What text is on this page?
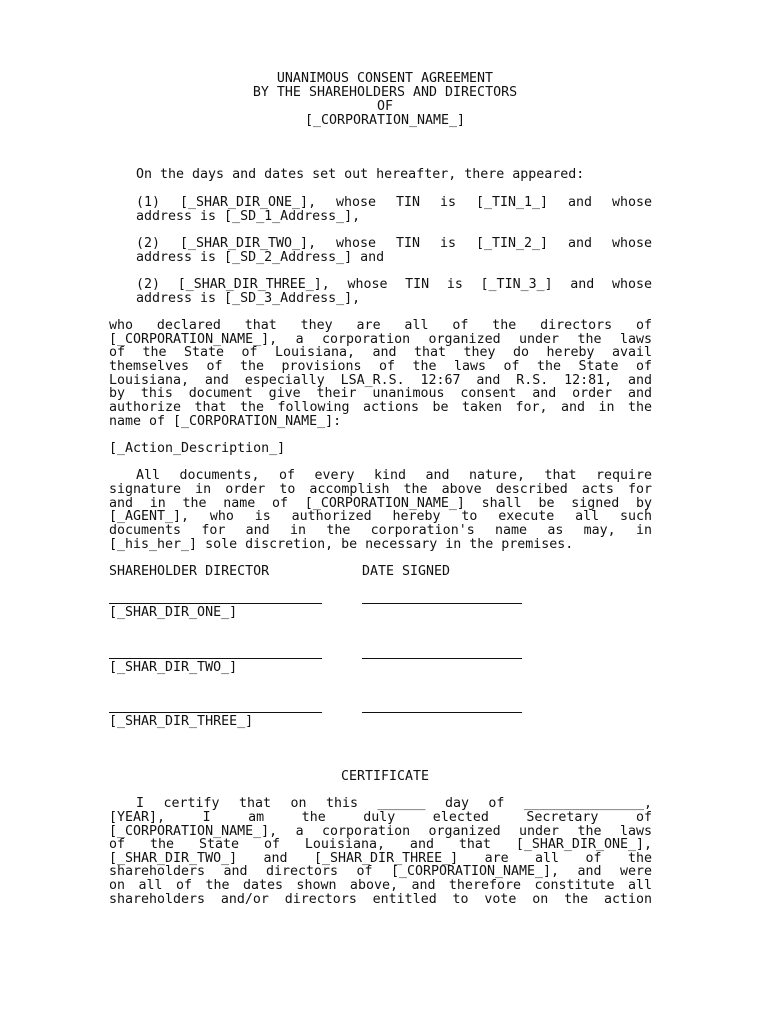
UNANIMOUS CONSENT AGREEMENT

BY THE SHAREHOLDERS AND DIRECTORS

OF

[_CORPORATION_NAME_]

On the days and dates set out hereafter, there appeared:

(1) [_SHAR_DIR_ONE_], whose TIN is [_TIN_1_] and whose

address is [_SD_1_Address_],

(2) [_SHAR_DIR_TWO_], whose TIN is [_TIN_2_] and whose

address is [_SD_2_Address_] and

(2) [_SHAR_DIR_THREE_], whose TIN is [_TIN_3_] and whose

address is [_SD_3_Address_],

who declared that they are all of the directors of

[_CORPORATION_NAME_], a corporation organized under the laws

of the State of Louisiana, and that they do hereby avail

themselves of the provisions of the laws of the State of

Louisiana, and especially LSA_R.S. 12:67 and R.S. 12:81, and

by this document give their unanimous consent and order and

authorize that the following actions be taken for, and in the

name of [_CORPORATION_NAME_]:

[_Action_Description_]

All documents, of every kind and nature, that require

signature in order to accomplish the above described acts for

and in the name of [_CORPORATION_NAME_] shall be signed by

[_AGENT_], who is authorized hereby to execute all such

documents for and in the corporation's name as may, in

[_his_her_] sole discretion, be necessary in the premises.

SHAREHOLDER DIRECTOR	DATE SIGNED

[_SHAR_DIR_ONE_]

[_SHAR_DIR_TWO_]

[_SHAR_DIR_THREE_]

CERTIFICATE

I certify that on this ______ day of _______________,

[YEAR], I am the duly elected Secretary of

[_CORPORATION_NAME_], a corporation organized under the laws

of the State of Louisiana, and that [_SHAR_DIR_ONE_],

[_SHAR_DIR_TWO_] and [_SHAR_DIR_THREE_] are all of the

shareholders and directors of [_CORPORATION_NAME_], and were

on all of the dates shown above, and therefore constitute all

shareholders and/or directors entitled to vote on the action
